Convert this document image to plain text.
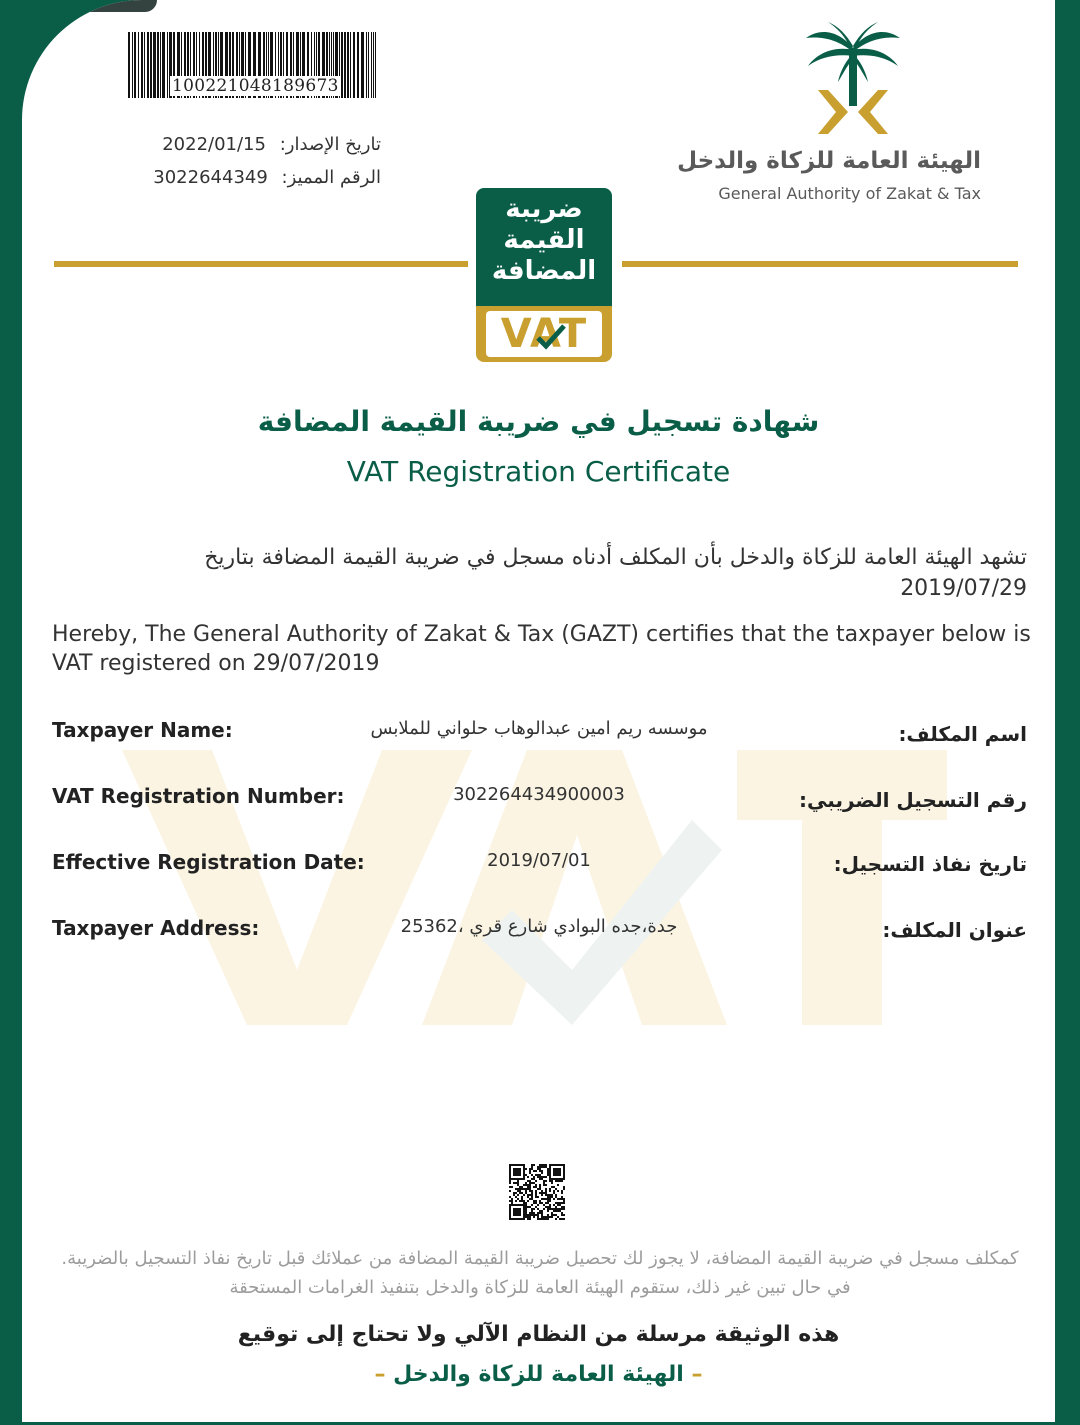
100221048189673
تاريخ الإصدار: 2022/01/15
الرقم المميز: 3022644349
الهيئة العامة للزكاة والدخل
General Authority of Zakat & Tax
ضريبة
القيمة
المضافة
VAT
شهادة تسجيل في ضريبة القيمة المضافة
VAT Registration Certificate
تشهد الهيئة العامة للزكاة والدخل بأن المكلف أدناه مسجل في ضريبة القيمة المضافة بتاريخ 2019/07/29
Hereby, The General Authority of Zakat & Tax (GAZT) certifies that the taxpayer below is VAT registered on 29/07/2019
Taxpayer Name:	موسسه ريم امين عبدالوهاب حلواني للملابس	اسم المكلف:
VAT Registration Number:	302264434900003	رقم التسجيل الضريبي:
Effective Registration Date:	2019/07/01	تاريخ نفاذ التسجيل:
Taxpayer Address:	جدة،جده البوادي شارع قري ،25362	عنوان المكلف:
كمكلف مسجل في ضريبة القيمة المضافة، لا يجوز لك تحصيل ضريبة القيمة المضافة من عملائك قبل تاريخ نفاذ التسجيل بالضريبة. في حال تبين غير ذلك، ستقوم الهيئة العامة للزكاة والدخل بتنفيذ الغرامات المستحقة
هذه الوثيقة مرسلة من النظام الآلي ولا تحتاج إلى توقيع
– الهيئة العامة للزكاة والدخل –
